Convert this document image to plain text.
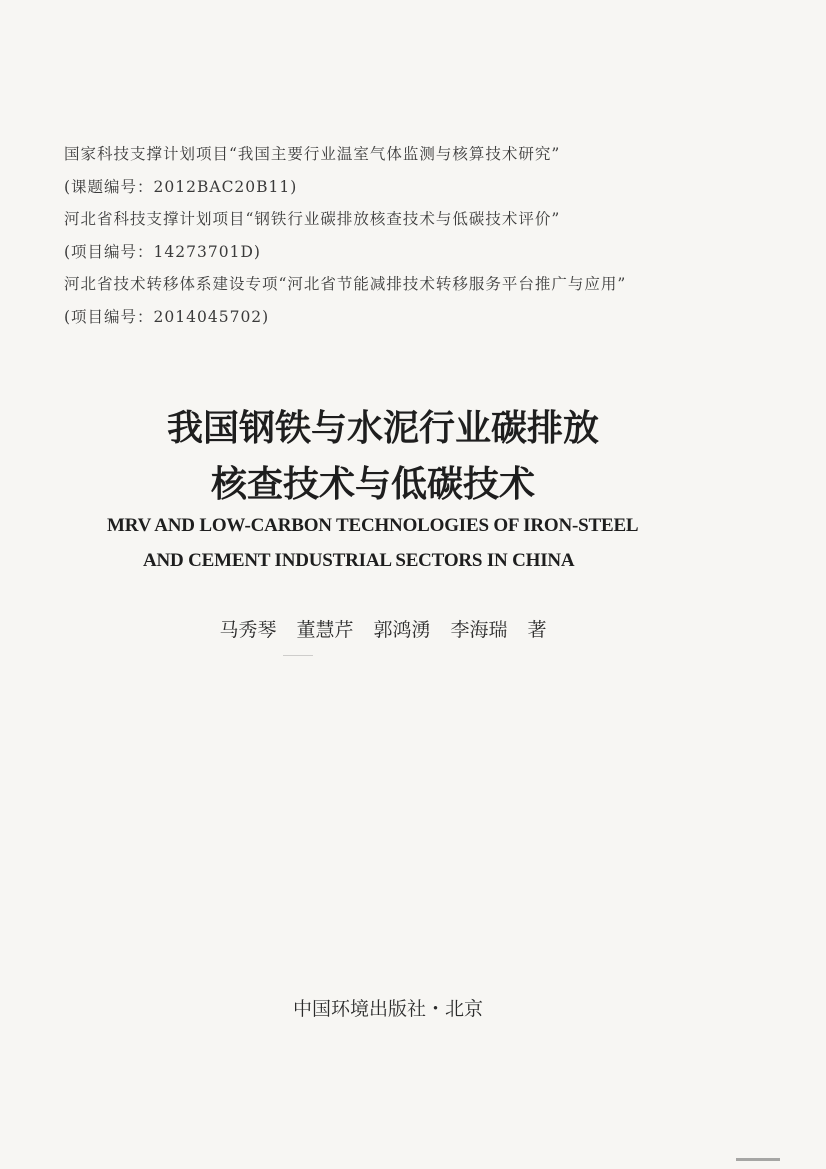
国家科技支撑计划项目“我国主要行业温室气体监测与核算技术研究”
(课题编号：2012BAC20B11)
河北省科技支撑计划项目“钢铁行业碳排放核查技术与低碳技术评价”
(项目编号：14273701D)
河北省技术转移体系建设专项“河北省节能减排技术转移服务平台推广与应用”
(项目编号：2014045702)
我国钢铁与水泥行业碳排放
核查技术与低碳技术
MRV AND LOW-CARBON TECHNOLOGIES OF IRON-STEEL
AND CEMENT INDUSTRIAL SECTORS IN CHINA
马秀琴 董慧芹 郭鸿湧 李海瑞 著
中国环境出版社・北京
